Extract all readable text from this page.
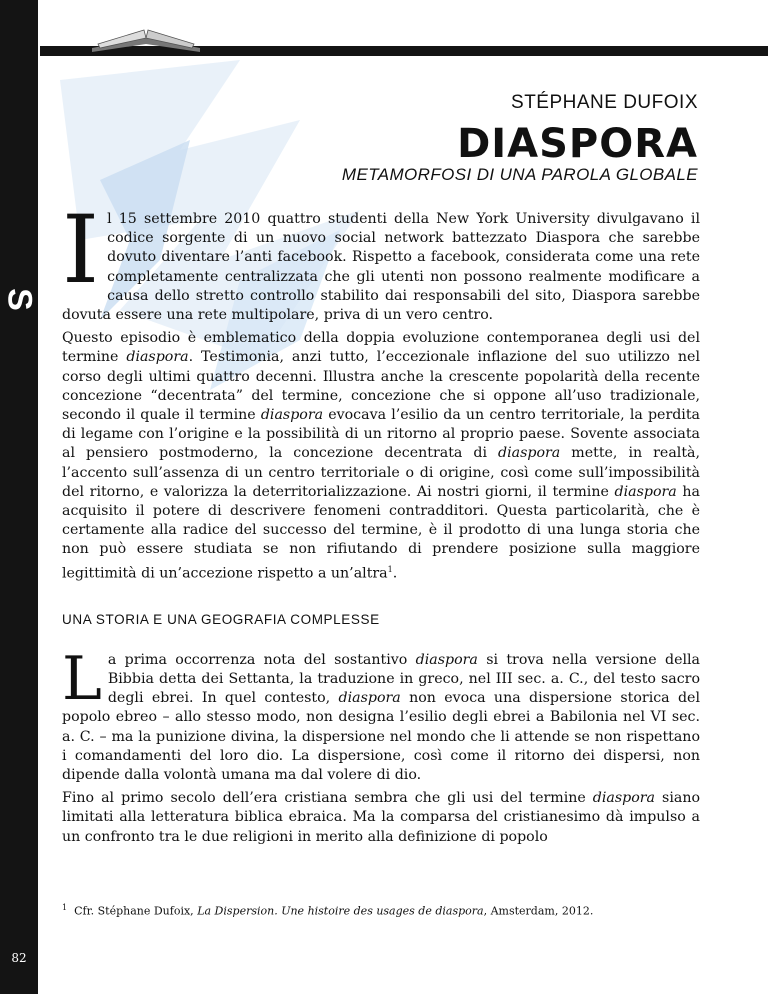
S
STÉPHANE DUFOIX
DIASPORA
METAMORFOSI DI UNA PAROLA GLOBALE

I l 15 settembre 2010 quattro studenti della New York University divulgavano il codice sorgente di un nuovo social network battezzato Diaspora che sarebbe dovuto diventare l’anti facebook. Rispetto a facebook, considerata come una rete completamente centralizzata che gli utenti non possono realmente modificare a causa dello stretto controllo stabilito dai responsabili del sito, Diaspora sarebbe dovuta essere una rete multipolare, priva di un vero centro.

Questo episodio è emblematico della doppia evoluzione contemporanea degli usi del termine diaspora. Testimonia, anzi tutto, l’eccezionale inflazione del suo utilizzo nel corso degli ultimi quattro decenni. Illustra anche la crescente popolarità della recente concezione “decentrata” del termine, concezione che si oppone all’uso tradizionale, secondo il quale il termine diaspora evocava l’esilio da un centro territoriale, la perdita di legame con l’origine e la possibilità di un ritorno al proprio paese. Sovente associata al pensiero postmoderno, la concezione decentrata di diaspora mette, in realtà, l’accento sull’assenza di un centro territoriale o di origine, così come sull’impossibilità del ritorno, e valorizza la deterritorializzazione. Ai nostri giorni, il termine diaspora ha acquisito il potere di descrivere fenomeni contradditori. Questa particolarità, che è certamente alla radice del successo del termine, è il prodotto di una lunga storia che non può essere studiata se non rifiutando di prendere posizione sulla maggiore legittimità di un’accezione rispetto a un’altra$^1$.

UNA STORIA E UNA GEOGRAFIA COMPLESSE

L a prima occorrenza nota del sostantivo diaspora si trova nella versione della Bibbia detta dei Settanta, la traduzione in greco, nel III sec. a. C., del testo sacro degli ebrei. In quel contesto, diaspora non evoca una dispersione storica del popolo ebreo – allo stesso modo, non designa l’esilio degli ebrei a Babilonia nel VI sec. a. C. – ma la punizione divina, la dispersione nel mondo che li attende se non rispettano i comandamenti del loro dio. La dispersione, così come il ritorno dei dispersi, non dipende dalla volontà umana ma dal volere di dio.

Fino al primo secolo dell’era cristiana sembra che gli usi del termine diaspora siano limitati alla letteratura biblica ebraica. Ma la comparsa del cristianesimo dà impulso a un confronto tra le due religioni in merito alla definizione di popolo

$^1$ Cfr. Stéphane Dufoix, La Dispersion. Une histoire des usages de diaspora, Amsterdam, 2012.
82
